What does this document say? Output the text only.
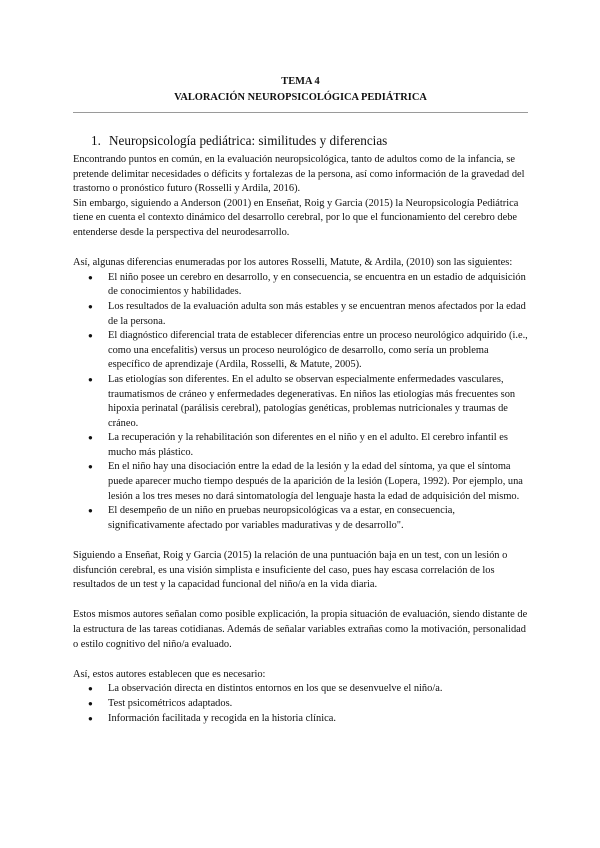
TEMA 4
VALORACIÓN NEUROPSICOLÓGICA PEDIÁTRICA
1. Neuropsicología pediátrica: similitudes y diferencias

Encontrando puntos en común, en la evaluación neuropsicológica, tanto de adultos como de la infancia, se pretende delimitar necesidades o déficits y fortalezas de la persona, así como información de la gravedad del trastorno o pronóstico futuro (Rosselli y Ardila, 2016).

Sin embargo, siguiendo a Anderson (2001) en Enseñat, Roig y Garcia (2015) la Neuropsicología Pediátrica tiene en cuenta el contexto dinámico del desarrollo cerebral, por lo que el funcionamiento del cerebro debe entenderse desde la perspectiva del neurodesarrollo.

Así, algunas diferencias enumeradas por los autores Rosselli, Matute, & Ardila, (2010) son las siguientes:

● El niño posee un cerebro en desarrollo, y en consecuencia, se encuentra en un estadio de adquisición de conocimientos y habilidades.
● Los resultados de la evaluación adulta son más estables y se encuentran menos afectados por la edad de la persona.
● El diagnóstico diferencial trata de establecer diferencias entre un proceso neurológico adquirido (i.e., como una encefalitis) versus un proceso neurológico de desarrollo, como sería un problema específico de aprendizaje (Ardila, Rosselli, & Matute, 2005).
● Las etiologías son diferentes. En el adulto se observan especialmente enfermedades vasculares, traumatismos de cráneo y enfermedades degenerativas. En niños las etiologías más frecuentes son hipoxia perinatal (parálisis cerebral), patologías genéticas, problemas nutricionales y traumas de cráneo.
● La recuperación y la rehabilitación son diferentes en el niño y en el adulto. El cerebro infantil es mucho más plástico.
● En el niño hay una disociación entre la edad de la lesión y la edad del síntoma, ya que el síntoma puede aparecer mucho tiempo después de la aparición de la lesión (Lopera, 1992). Por ejemplo, una lesión a los tres meses no dará sintomatología del lenguaje hasta la edad de adquisición del mismo.
● El desempeño de un niño en pruebas neuropsicológicas va a estar, en consecuencia, significativamente afectado por variables madurativas y de desarrollo".

Siguiendo a Enseñat, Roig y Garcia (2015) la relación de una puntuación baja en un test, con un lesión o disfunción cerebral, es una visión simplista e insuficiente del caso, pues hay escasa correlación de los resultados de un test y la capacidad funcional del niño/a en la vida diaria.

Estos mismos autores señalan como posible explicación, la propia situación de evaluación, siendo distante de la estructura de las tareas cotidianas. Además de señalar variables extrañas como la motivación, personalidad o estilo cognitivo del niño/a evaluado.

Así, estos autores establecen que es necesario:

● La observación directa en distintos entornos en los que se desenvuelve el niño/a.
● Test psicométricos adaptados.
● Información facilitada y recogida en la historia clínica.
